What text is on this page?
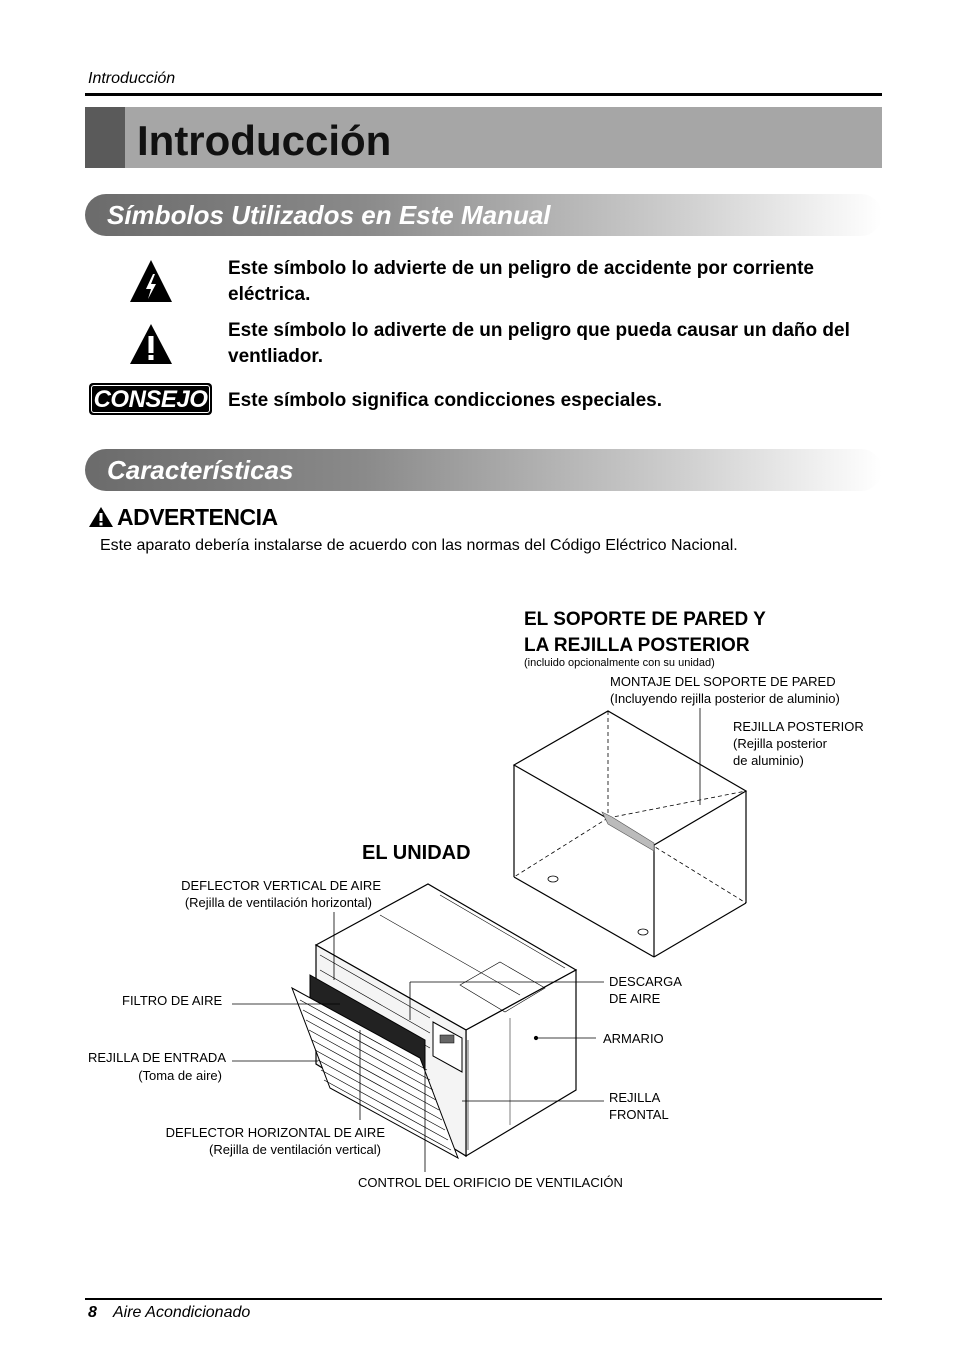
Introducción
Introducción
Símbolos Utilizados en Este Manual
Este símbolo lo advierte de un peligro de accidente por corriente eléctrica.
Este símbolo lo adiverte de un peligro que pueda causar un daño del ventliador.
CONSEJO Este símbolo significa condicciones especiales.
Características
ADVERTENCIA
Este aparato debería instalarse de acuerdo con las normas del Código Eléctrico Nacional.
EL SOPORTE DE PARED Y
LA REJILLA POSTERIOR
(incluido opcionalmente con su unidad)
MONTAJE DEL SOPORTE DE PARED
(Incluyendo rejilla posterior de aluminio)
REJILLA POSTERIOR
(Rejilla posterior
de aluminio)
EL UNIDAD
DEFLECTOR VERTICAL DE AIRE
(Rejilla de ventilación horizontal)
FILTRO DE AIRE
REJILLA DE ENTRADA
(Toma de aire)
DEFLECTOR HORIZONTAL DE AIRE
(Rejilla de ventilación vertical)
CONTROL DEL ORIFICIO DE VENTILACIÓN
DESCARGA
DE AIRE
ARMARIO
REJILLA
FRONTAL
8 Aire Acondicionado
